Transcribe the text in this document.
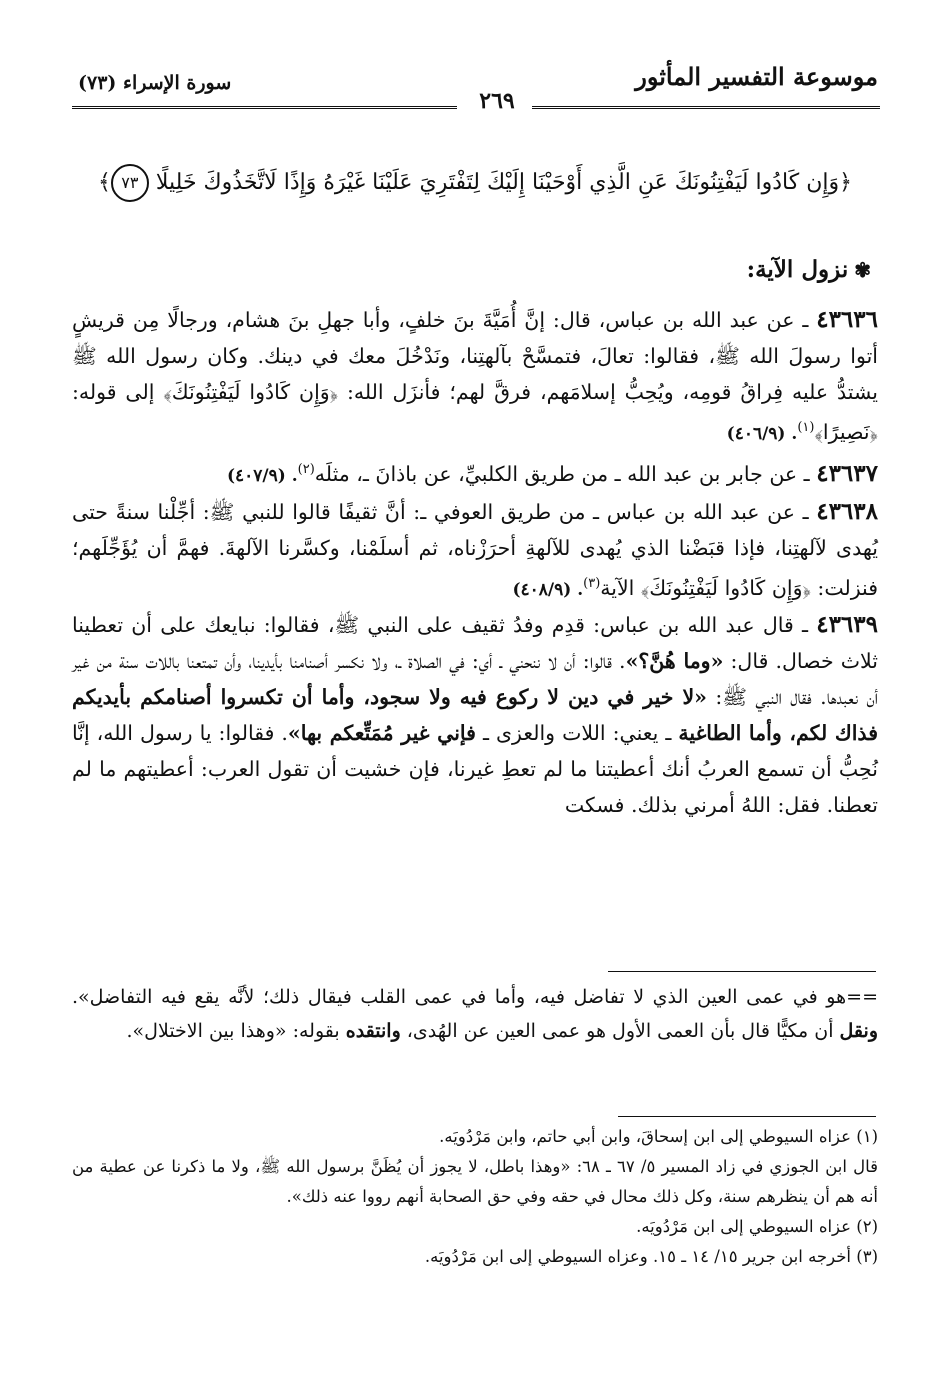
سورة الإسراء (٧٣)
٢٦٩
موسوعة التفسير المأثور
﴿وَإِن كَادُوا لَيَفْتِنُونَكَ عَنِ الَّذِي أَوْحَيْنَا إِلَيْكَ لِتَفْتَرِيَ عَلَيْنَا غَيْرَهُ وَإِذًا لَاتَّخَذُوكَ خَلِيلًا ٧٣﴾
✾نزول الآية:

٤٣٦٣٦ ـ عن عبد الله بن عباس، قال: إنَّ أُمَيَّةَ بنَ خلفٍ، وأبا جهلِ بنَ هشام، ورجالًا مِن قريشٍ أتوا رسولَ الله ﷺ، فقالوا: تعالَ، فتمسَّحْ بآلهتِنا، ونَدْخُلَ معك في دينك. وكان رسول الله ﷺ يشتدُّ عليه فِراقُ قومِه، ويُحِبُّ إسلامَهم، فرقَّ لهم؛ فأنزَل الله: ﴿وَإِن كَادُوا لَيَفْتِنُونَكَ﴾ إلى قوله: ﴿نَصِيرًا﴾$^{(١)}$. (٤٠٦/٩)

٤٣٦٣٧ ـ عن جابر بن عبد الله ـ من طريق الكلبيِّ، عن باذانَ ـ، مثلَه$^{(٢)}$. (٤٠٧/٩)

٤٣٦٣٨ ـ عن عبد الله بن عباس ـ من طريق العوفي ـ: أنَّ ثقيفًا قالوا للنبي ﷺ: أجِّلْنا سنةً حتى يُهدى لآلهتِنا، فإذا قبَضْنا الذي يُهدى للآلهةِ أحرَزْناه، ثم أسلَمْنا، وكسَّرنا الآلهةَ. فهمَّ أن يُؤَجِّلَهم؛ فنزلت: ﴿وَإِن كَادُوا لَيَفْتِنُونَكَ﴾ الآية$^{(٣)}$. (٤٠٨/٩)

٤٣٦٣٩ ـ قال عبد الله بن عباس: قدِم وفدُ ثقيف على النبي ﷺ، فقالوا: نبايعك على أن تعطينا ثلاث خصال. قال: «وما هُنَّ؟». قالوا: أن لا ننحني ـ أي: في الصلاة ـ، ولا نكسر أصنامنا بأيدينا، وأن تمتعنا باللات سنة من غير أن نعبدها. فقال النبي ﷺ: «لا خير في دين لا ركوع فيه ولا سجود، وأما أن تكسروا أصنامكم بأيديكم فذاك لكم، وأما الطاغية ـ يعني: اللات والعزى ـ فإني غير مُمَتِّعكم بها». فقالوا: يا رسول الله، إنَّا نُحِبُّ أن تسمع العربُ أنك أعطيتنا ما لم تعطِ غيرنا، فإن خشيت أن تقول العرب: أعطيتهم ما لم تعطنا. فقل: اللهُ أمرني بذلك. فسكت

==هو في عمى العين الذي لا تفاضل فيه، وأما في عمى القلب فيقال ذلك؛ لأنَّه يقع فيه التفاضل». ونقل أن مكيًّا قال بأن العمى الأول هو عمى العين عن الهُدى، وانتقده بقوله: «وهذا بين الاختلال».

(١) عزاه السيوطي إلى ابن إسحاقَ، وابن أبي حاتم، وابن مَرْدُويَه.

قال ابن الجوزي في زاد المسير ٥/ ٦٧ ـ ٦٨: «وهذا باطل، لا يجوز أن يُظَنَّ برسول الله ﷺ، ولا ما ذكرنا عن عطية من أنه هم أن ينظرهم سنة، وكل ذلك محال في حقه وفي حق الصحابة أنهم رووا عنه ذلك».

(٢) عزاه السيوطي إلى ابن مَرْدُويَه.

(٣) أخرجه ابن جرير ١٥/ ١٤ ـ ١٥. وعزاه السيوطي إلى ابن مَرْدُويَه.
